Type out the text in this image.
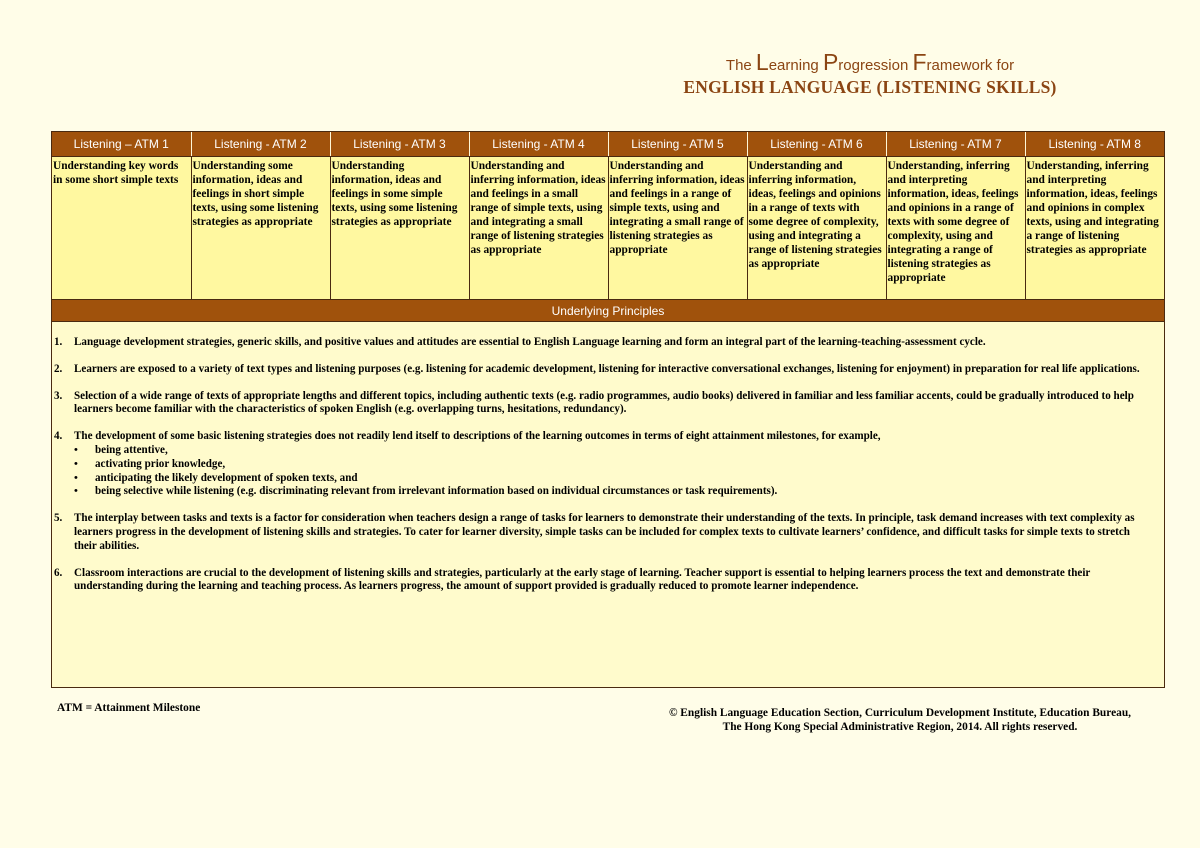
The Learning Progression Framework for
ENGLISH LANGUAGE (LISTENING SKILLS)
Listening – ATM 1	Listening - ATM 2	Listening - ATM 3	Listening - ATM 4	Listening - ATM 5	Listening - ATM 6	Listening - ATM 7	Listening - ATM 8
Understanding key words in some short simple texts	Understanding some information, ideas and feelings in short simple texts, using some listening strategies as appropriate	Understanding information, ideas and feelings in some simple texts, using some listening strategies as appropriate	Understanding and inferring information, ideas and feelings in a small range of simple texts, using and integrating a small range of listening strategies as appropriate	Understanding and inferring information, ideas and feelings in a range of simple texts, using and integrating a small range of listening strategies as appropriate	Understanding and inferring information, ideas, feelings and opinions in a range of texts with some degree of complexity, using and integrating a range of listening strategies as appropriate	Understanding, inferring and interpreting information, ideas, feelings and opinions in a range of texts with some degree of complexity, using and integrating a range of listening strategies as appropriate	Understanding, inferring and interpreting information, ideas, feelings and opinions in complex texts, using and integrating a range of listening strategies as appropriate
Underlying Principles
1. Language development strategies, generic skills, and positive values and attitudes are essential to English Language learning and form an integral part of the learning-teaching-assessment cycle.
2. Learners are exposed to a variety of text types and listening purposes (e.g. listening for academic development, listening for interactive conversational exchanges, listening for enjoyment) in preparation for real life applications.
3. Selection of a wide range of texts of appropriate lengths and different topics, including authentic texts (e.g. radio programmes, audio books) delivered in familiar and less familiar accents, could be gradually introduced to help learners become familiar with the characteristics of spoken English (e.g. overlapping turns, hesitations, redundancy).
4. The development of some basic listening strategies does not readily lend itself to descriptions of the learning outcomes in terms of eight attainment milestones, for example,
• being attentive,
• activating prior knowledge,
• anticipating the likely development of spoken texts, and
• being selective while listening (e.g. discriminating relevant from irrelevant information based on individual circumstances or task requirements).
5. The interplay between tasks and texts is a factor for consideration when teachers design a range of tasks for learners to demonstrate their understanding of the texts. In principle, task demand increases with text complexity as learners progress in the development of listening skills and strategies. To cater for learner diversity, simple tasks can be included for complex texts to cultivate learners’ confidence, and difficult tasks for simple texts to stretch their abilities.
6. Classroom interactions are crucial to the development of listening skills and strategies, particularly at the early stage of learning. Teacher support is essential to helping learners process the text and demonstrate their understanding during the learning and teaching process. As learners progress, the amount of support provided is gradually reduced to promote learner independence.
ATM = Attainment Milestone	© English Language Education Section, Curriculum Development Institute, Education Bureau,
The Hong Kong Special Administrative Region, 2014. All rights reserved.
